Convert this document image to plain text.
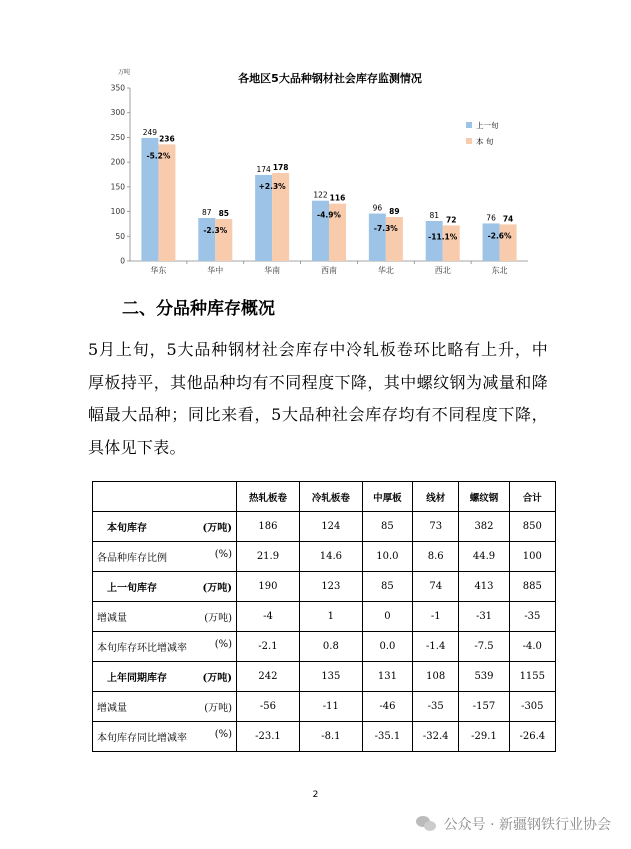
各地区5大品种钢材社会库存监测情况
万吨
0
50
100
150
200
250
300
350
249
236
-5.2%
华东
87 85
-2.3%
华中
174 178
+2.3%
华南
122 116
-4.9%
西南
96 89
-7.3%
华北
81 72
-11.1%
西北
76 74
-2.6%
东北
上一旬
本 旬
二、分品种库存概况

5月上旬，5大品种钢材社会库存中冷轧板卷环比略有上升，中厚板持平，其他品种均有不同程度下降，其中螺纹钢为减量和降幅最大品种；同比来看，5大品种社会库存均有不同程度下降，具体见下表。

	热轧板卷	冷轧板卷	中厚板	线材	螺纹钢	合计
本旬库存 (万吨)	186	124	85	73	382	850
各品种库存比例 (%)	21.9	14.6	10.0	8.6	44.9	100
上一旬库存 (万吨)	190	123	85	74	413	885
增减量 (万吨)	-4	1	0	-1	-31	-35
本旬库存环比增减率 (%)	-2.1	0.8	0.0	-1.4	-7.5	-4.0
上年同期库存 (万吨)	242	135	131	108	539	1155
增减量 (万吨)	-56	-11	-46	-35	-157	-305
本旬库存同比增减率 (%)	-23.1	-8.1	-35.1	-32.4	-29.1	-26.4
2
公众号 · 新疆钢铁行业协会
